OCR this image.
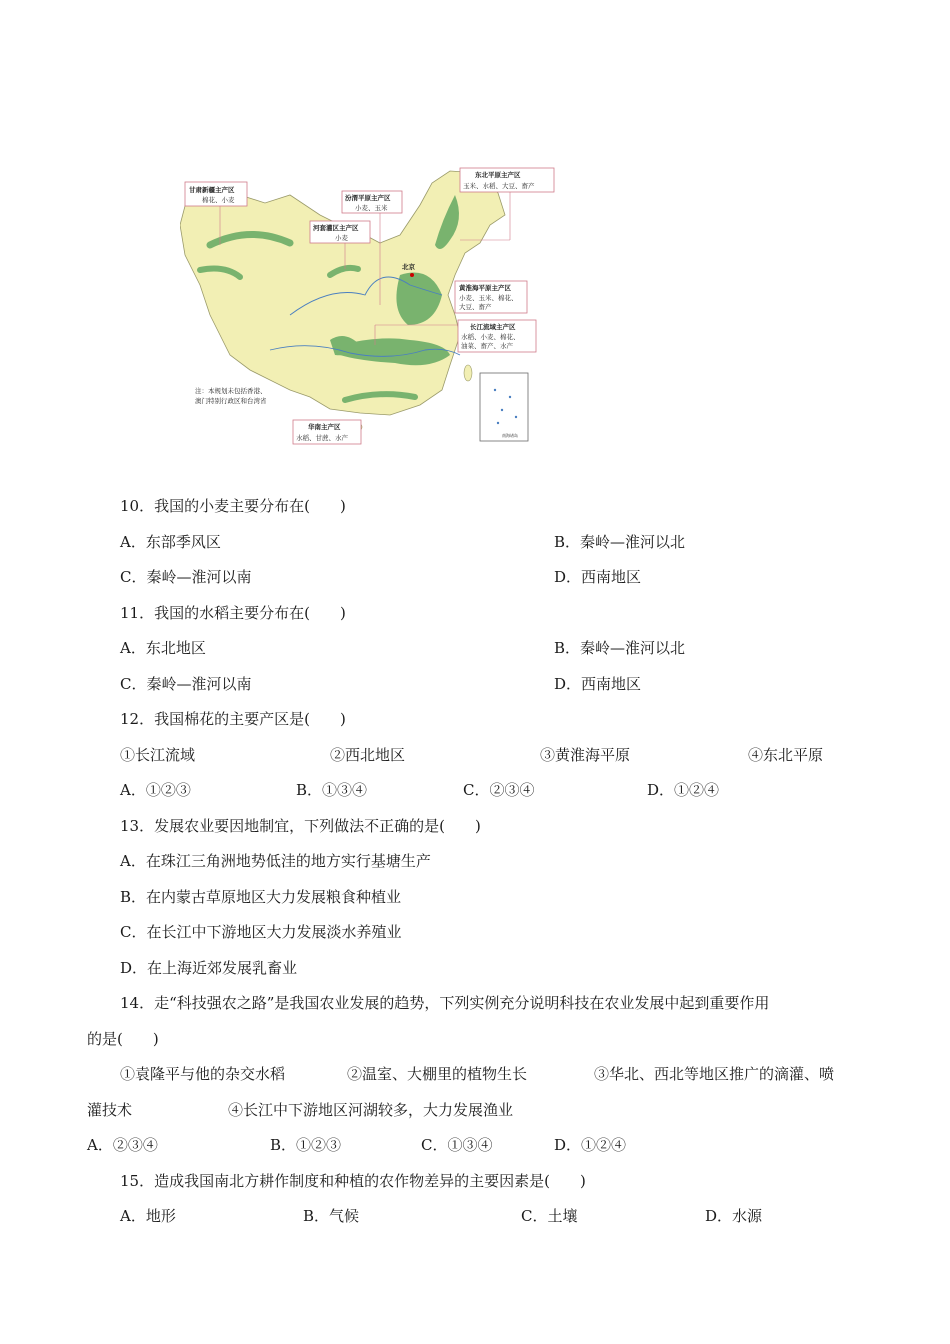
北京
甘肃新疆主产区
棉花、小麦	汾渭平原主产区
小麦、玉米
河套灌区主产区
小麦
东北平原主产区
玉米、水稻、大豆、畜产
黄淮海平原主产区
小麦、玉米、棉花、
大豆、畜产
长江流域主产区
水稻、小麦、棉花、
油菜、畜产、水产
华南主产区
水稻、甘蔗、水产
注：本规划未包括香港、
澳门特别行政区和台湾省
南海诸岛
10．我国的小麦主要分布在(　　)
A．东部季风区	B．秦岭—淮河以北
C．秦岭—淮河以南	D．西南地区
11．我国的水稻主要分布在(　　)
A．东北地区	B．秦岭—淮河以北
C．秦岭—淮河以南	D．西南地区
12．我国棉花的主要产区是(　　)
①长江流域	②西北地区	③黄淮海平原	④东北平原
A．①②③	B．①③④	C．②③④	D．①②④
13．发展农业要因地制宜，下列做法不正确的是(　　)
A．在珠江三角洲地势低洼的地方实行基塘生产
B．在内蒙古草原地区大力发展粮食种植业
C．在长江中下游地区大力发展淡水养殖业
D．在上海近郊发展乳畜业
14．走“科技强农之路”是我国农业发展的趋势，下列实例充分说明科技在农业发展中起到重要作用
的是(　　)
①袁隆平与他的杂交水稻	②温室、大棚里的植物生长	③华北、西北等地区推广的滴灌、喷
灌技术	④长江中下游地区河湖较多，大力发展渔业
A．②③④	B．①②③	C．①③④	D．①②④
15．造成我国南北方耕作制度和种植的农作物差异的主要因素是(　　)
A．地形	B．气候	C．土壤	D．水源
